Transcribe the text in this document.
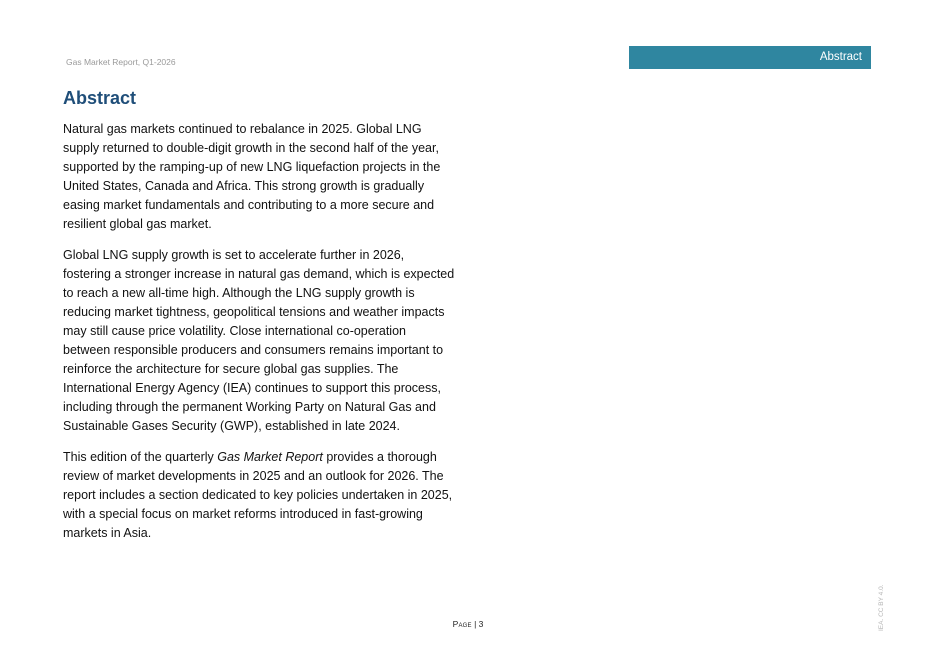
Gas Market Report, Q1-2026	Abstract
Abstract

Natural gas markets continued to rebalance in 2025. Global LNG supply returned to double-digit growth in the second half of the year, supported by the ramping-up of new LNG liquefaction projects in the United States, Canada and Africa. This strong growth is gradually easing market fundamentals and contributing to a more secure and resilient global gas market.

Global LNG supply growth is set to accelerate further in 2026, fostering a stronger increase in natural gas demand, which is expected to reach a new all-time high. Although the LNG supply growth is reducing market tightness, geopolitical tensions and weather impacts may still cause price volatility. Close international co-operation between responsible producers and consumers remains important to reinforce the architecture for secure global gas supplies. The International Energy Agency (IEA) continues to support this process, including through the permanent Working Party on Natural Gas and Sustainable Gases Security (GWP), established in late 2024.

This edition of the quarterly Gas Market Report provides a thorough review of market developments in 2025 and an outlook for 2026. The report includes a section dedicated to key policies undertaken in 2025, with a special focus on market reforms introduced in fast-growing markets in Asia.

Page | 3	IEA. CC BY 4.0.
